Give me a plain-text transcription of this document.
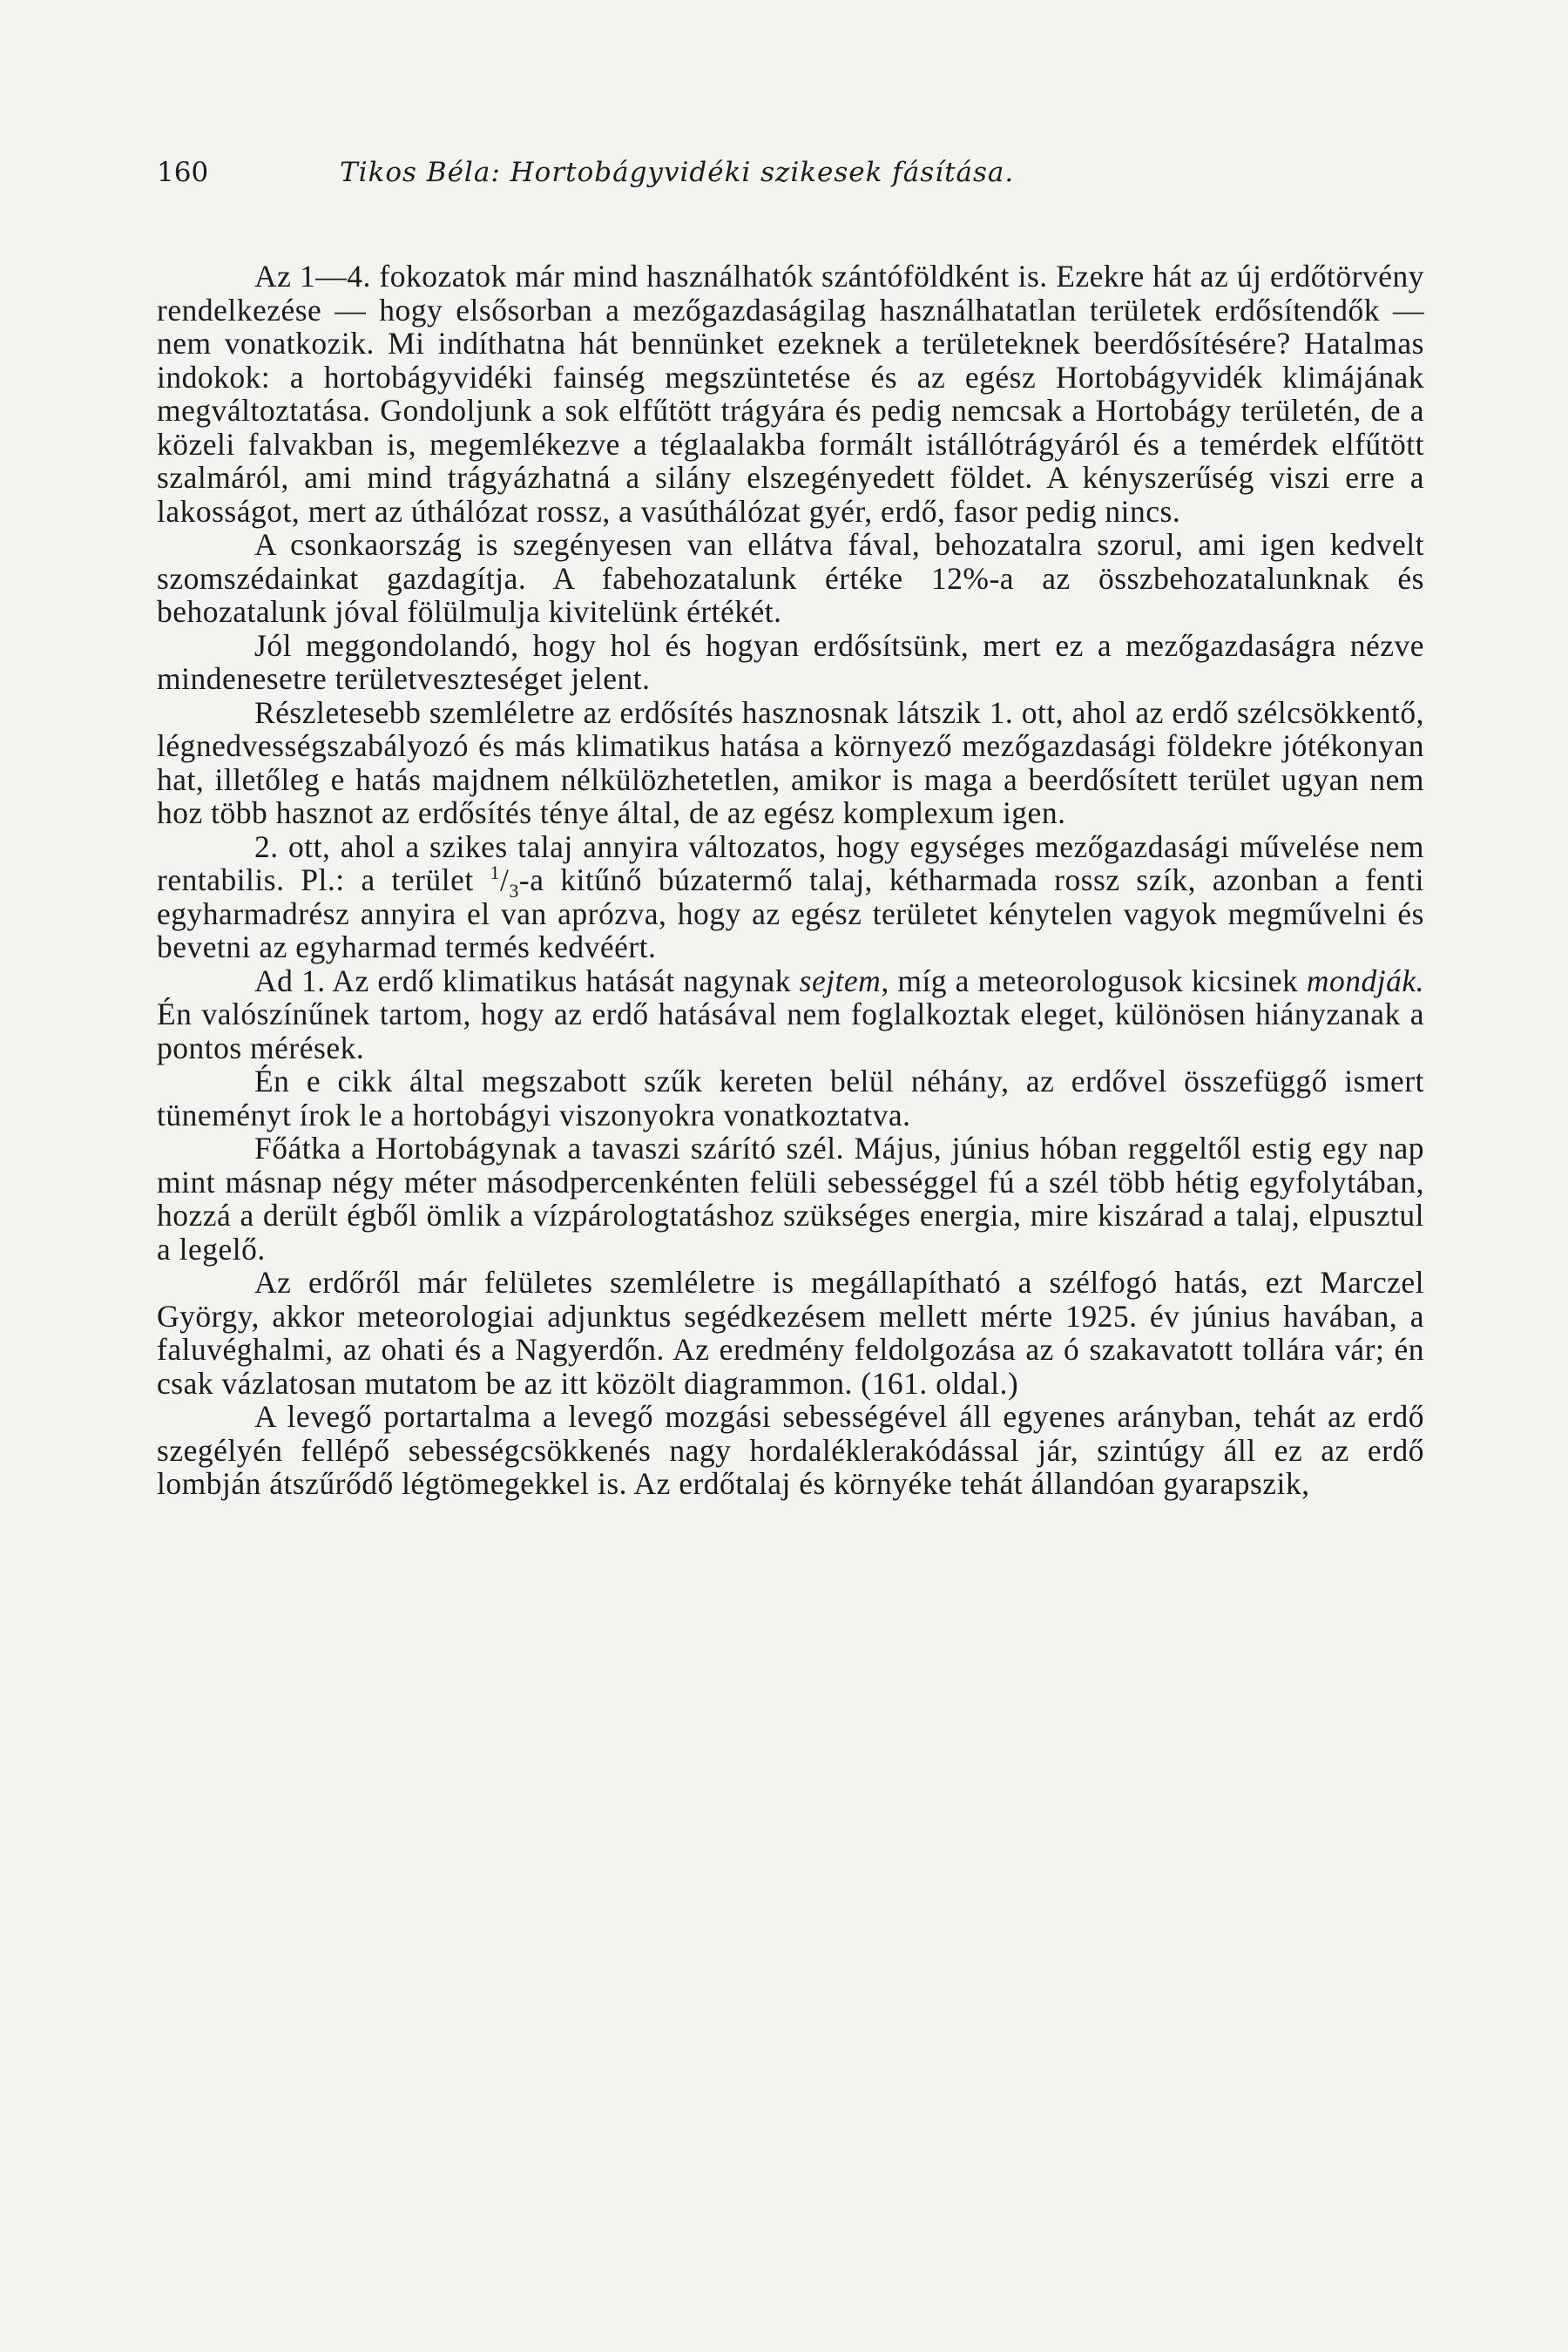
160	Tikos Béla: Hortobágyvidéki szikesek fásítása.

Az 1—4. fokozatok már mind használhatók szántóföldként is. Ezekre hát az új erdőtörvény rendelkezése — hogy elsősorban a mezőgazdaságilag használhatatlan területek erdősítendők — nem vonatkozik. Mi indíthatna hát bennünket ezeknek a területeknek beerdősítésére? Hatalmas indokok: a hortobágyvidéki fainség megszüntetése és az egész Hortobágyvidék klimájának megváltoztatása. Gondoljunk a sok elfűtött trágyára és pedig nemcsak a Hortobágy területén, de a közeli falvakban is, megemlékezve a téglaalakba formált istállótrágyáról és a temérdek elfűtött szalmáról, ami mind trágyázhatná a silány elszegényedett földet. A kényszerűség viszi erre a lakosságot, mert az úthálózat rossz, a vasúthálózat gyér, erdő, fasor pedig nincs.

A csonkaország is szegényesen van ellátva fával, behozatalra szorul, ami igen kedvelt szomszédainkat gazdagítja. A fabehozatalunk értéke 12%-a az összbehozatalunknak és behozatalunk jóval fölülmulja kivitelünk értékét.

Jól meggondolandó, hogy hol és hogyan erdősítsünk, mert ez a mezőgazdaságra nézve mindenesetre területveszteséget jelent.

Részletesebb szemléletre az erdősítés hasznosnak látszik 1. ott, ahol az erdő szélcsökkentő, légnedvességszabályozó és más klimatikus hatása a környező mezőgazdasági földekre jótékonyan hat, illetőleg e hatás majdnem nélkülözhetetlen, amikor is maga a beerdősített terület ugyan nem hoz több hasznot az erdősítés ténye által, de az egész komplexum igen.

2. ott, ahol a szikes talaj annyira változatos, hogy egységes mezőgazdasági művelése nem rentabilis. Pl.: a terület $^1/_3-a$ kitűnő búzatermő talaj, kétharmada rossz szík, azonban a fenti egyharmadrész annyira el van aprózva, hogy az egész területet kénytelen vagyok megművelni és bevetni az egyharmad termés kedvéért.

Ad 1. Az erdő klimatikus hatását nagynak sejtem, míg a meteorologusok kicsinek mondják. Én valószínűnek tartom, hogy az erdő hatásával nem foglalkoztak eleget, különösen hiányzanak a pontos mérések.

Én e cikk által megszabott szűk kereten belül néhány, az erdővel összefüggő ismert tüneményt írok le a hortobágyi viszonyokra vonatkoztatva.

Főátka a Hortobágynak a tavaszi szárító szél. Május, június hóban reggeltől estig egy nap mint másnap négy méter másodpercenkénten felüli sebességgel fú a szél több hétig egyfolytában, hozzá a derült égből ömlik a vízpárologtatáshoz szükséges energia, mire kiszárad a talaj, elpusztul a legelő.

Az erdőről már felületes szemléletre is megállapítható a szélfogó hatás, ezt Marczel György, akkor meteorologiai adjunktus segédkezésem mellett mérte 1925. év június havában, a faluvéghalmi, az ohati és a Nagyerdőn. Az eredmény feldolgozása az ó szakavatott tollára vár; én csak vázlatosan mutatom be az itt közölt diagrammon. (161. oldal.)

A levegő portartalma a levegő mozgási sebességével áll egyenes arányban, tehát az erdő szegélyén fellépő sebességcsökkenés nagy hordaléklerakódással jár, szintúgy áll ez az erdő lombján átszűrődő légtömegekkel is. Az erdőtalaj és környéke tehát állandóan gyarapszik,
